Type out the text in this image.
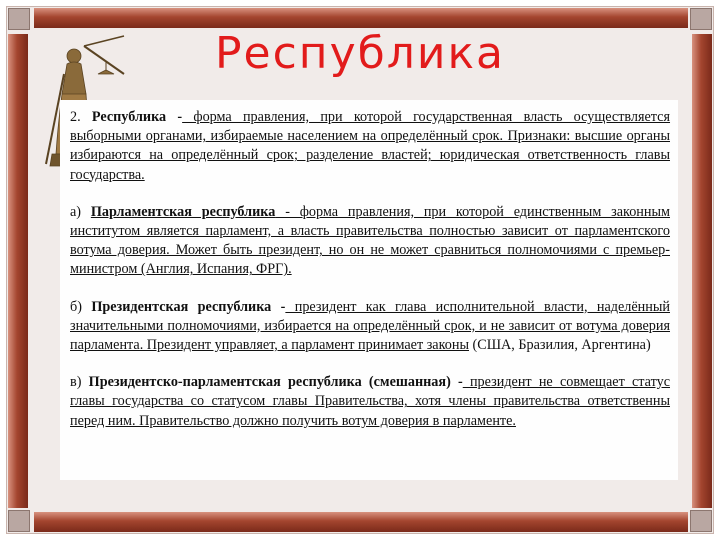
Республика

2. Республика - форма правления, при которой государственная власть осуществляется выборными органами, избираемые населением на определённый срок. Признаки: высшие органы избираются на определённый срок; разделение властей; юридическая ответственность главы государства.

а) Парламентская республика - форма правления, при которой единственным законным институтом является парламент, а власть правительства полностью зависит от парламентского вотума доверия. Может быть президент, но он не может сравниться полномочиями с премьер-министром (Англия, Испания, ФРГ).

б) Президентская республика - президент как глава исполнительной власти, наделённый значительными полномочиями, избирается на определённый срок, и не зависит от вотума доверия парламента. Президент управляет, а парламент принимает законы (США, Бразилия, Аргентина)

в) Президентско-парламентская республика (смешанная) - президент не совмещает статус главы государства со статусом главы Правительства, хотя члены правительства ответственны перед ним. Правительство должно получить вотум доверия в парламенте.
